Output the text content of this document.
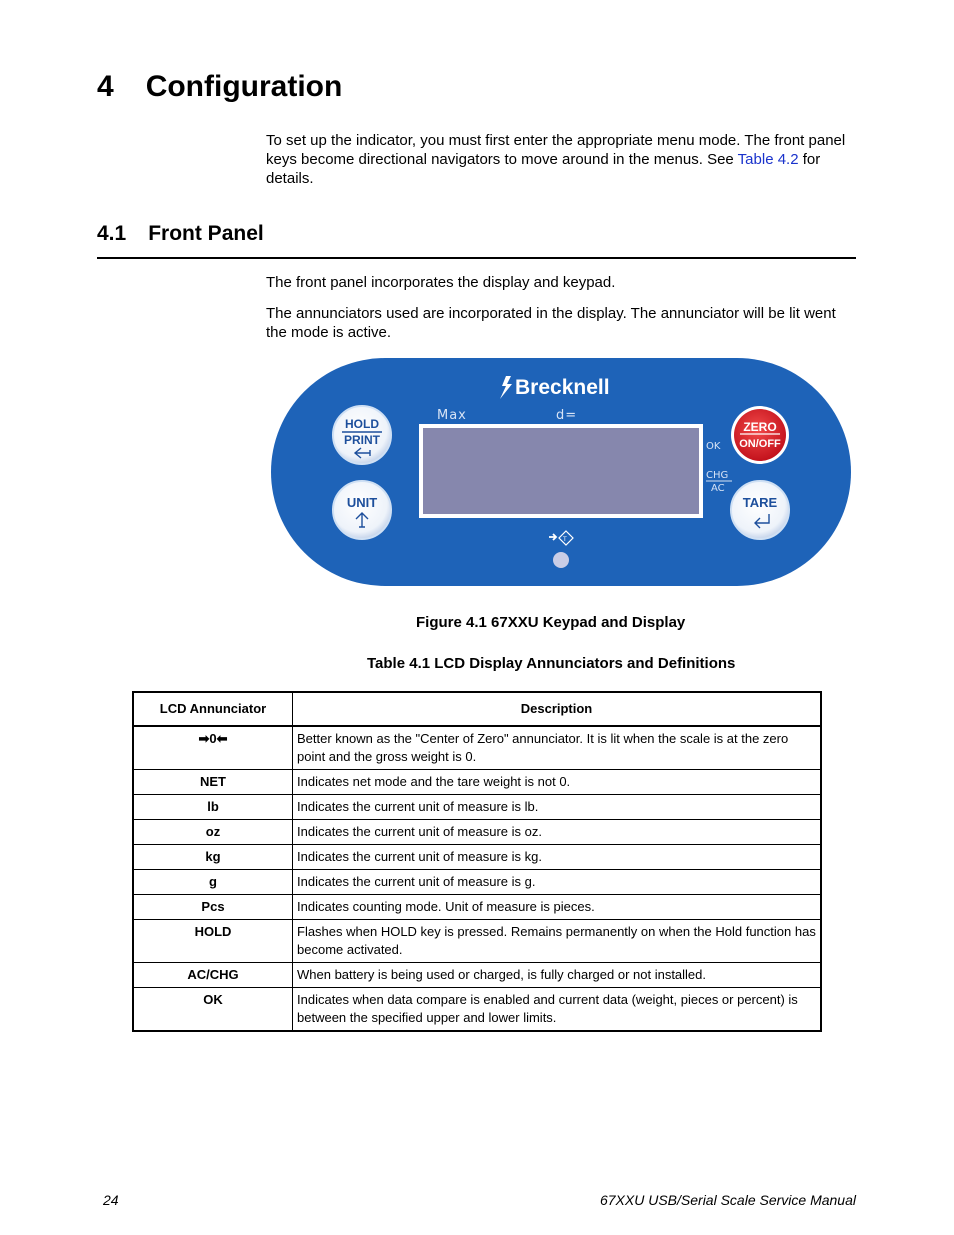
4 Configuration

To set up the indicator, you must first enter the appropriate menu mode. The front panel keys become directional navigators to move around in the menus. See Table 4.2 for details.

4.1 Front Panel

The front panel incorporates the display and keypad.

The annunciators used are incorporated in the display. The annunciator will be lit went the mode is active.

Brecknell
Max	d=
OK
CHG
AC
T
HOLD
PRINT
UNIT
ZERO
ON/OFF
TARE
Figure 4.1 67XXU Keypad and Display
Table 4.1 LCD Display Annunciators and Definitions
LCD Annunciator	Description
➡0⬅	Better known as the "Center of Zero" annunciator. It is lit when the scale is at the zero point and the gross weight is 0.
NET	Indicates net mode and the tare weight is not 0.
lb	Indicates the current unit of measure is lb.
oz	Indicates the current unit of measure is oz.
kg	Indicates the current unit of measure is kg.
g	Indicates the current unit of measure is g.
Pcs	Indicates counting mode. Unit of measure is pieces.
HOLD	Flashes when HOLD key is pressed. Remains permanently on when the Hold function has become activated.
AC/CHG	When battery is being used or charged, is fully charged or not installed.
OK	Indicates when data compare is enabled and current data (weight, pieces or percent) is between the specified upper and lower limits.
24	67XXU USB/Serial Scale Service Manual
